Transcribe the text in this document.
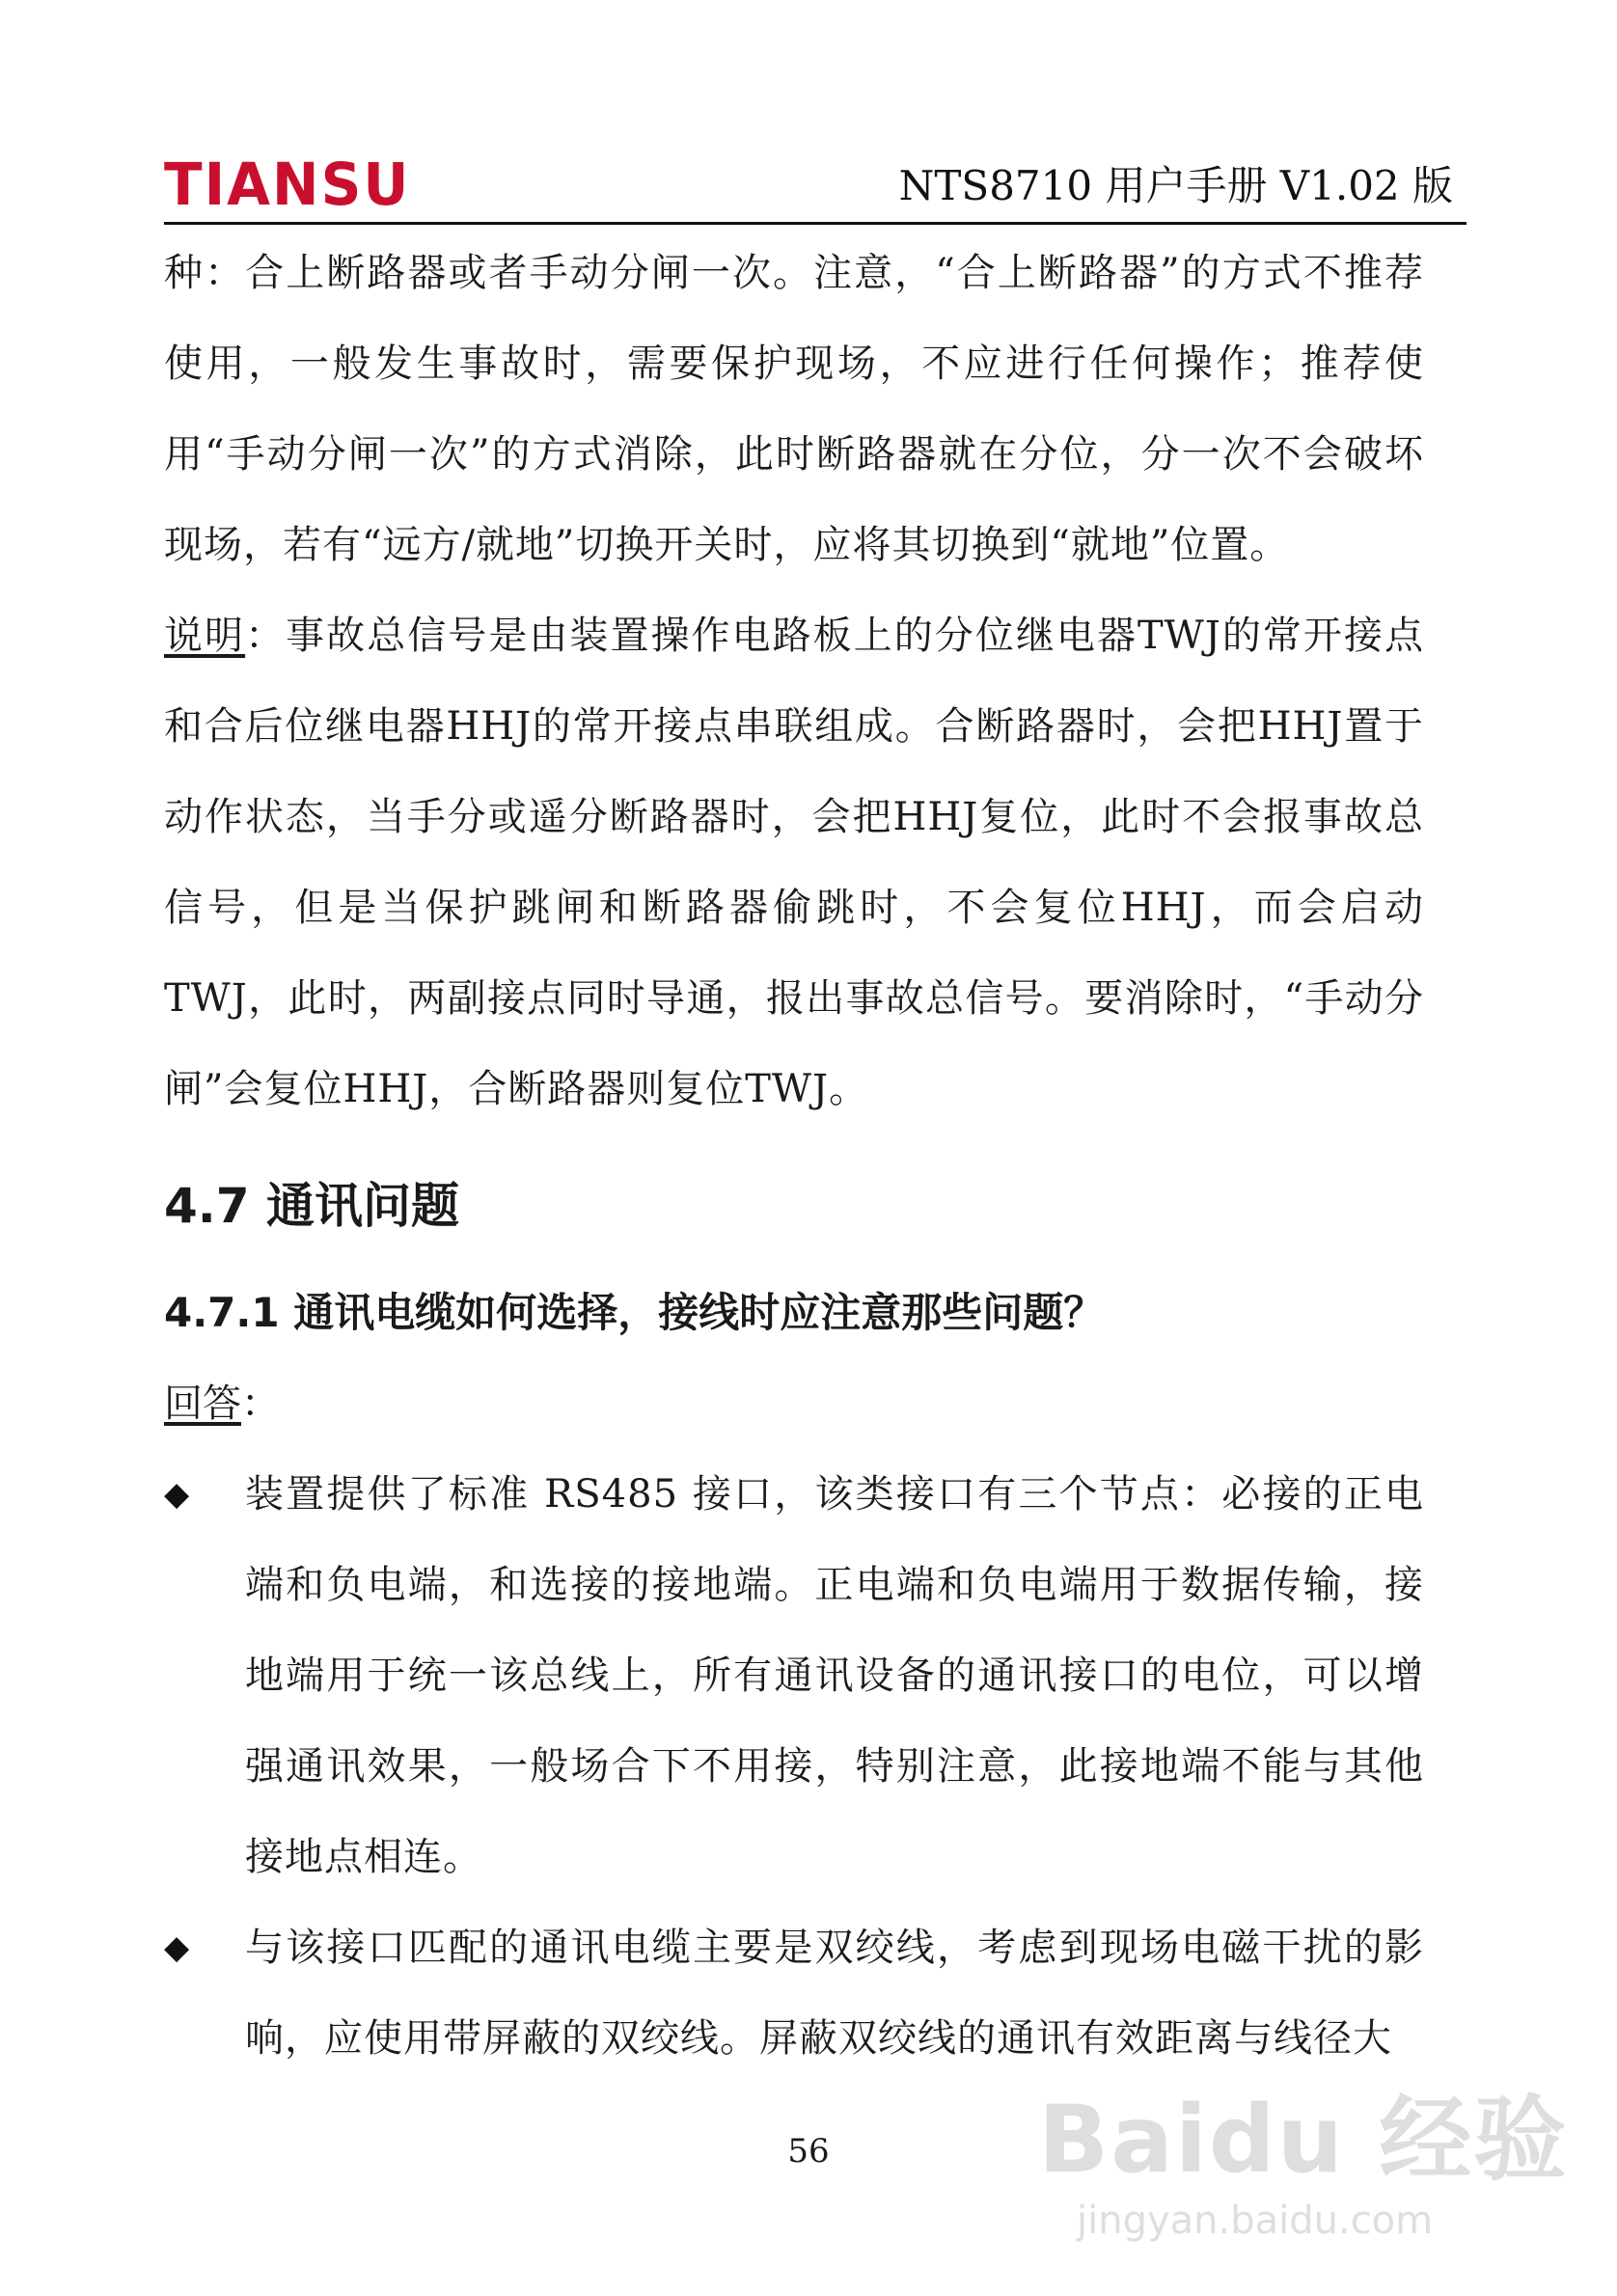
TIANSU	NTS8710 用户手册 V1.02 版

种：合上断路器或者手动分闸一次。注意，“合上断路器”的方式不推荐使用，一般发生事故时，需要保护现场，不应进行任何操作；推荐使用“手动分闸一次”的方式消除，此时断路器就在分位，分一次不会破坏现场，若有“远方/就地”切换开关时，应将其切换到“就地”位置。

说明：事故总信号是由装置操作电路板上的分位继电器TWJ的常开接点和合后位继电器HHJ的常开接点串联组成。合断路器时，会把HHJ置于动作状态，当手分或遥分断路器时，会把HHJ复位，此时不会报事故总信号，但是当保护跳闸和断路器偷跳时，不会复位HHJ，而会启动TWJ，此时，两副接点同时导通，报出事故总信号。要消除时，“手动分闸”会复位HHJ，合断路器则复位TWJ。

4.7 通讯问题
4.7.1 通讯电缆如何选择，接线时应注意那些问题？
回答：
◆	装置提供了标准 RS485 接口，该类接口有三个节点：必接的正电端和负电端，和选接的接地端。正电端和负电端用于数据传输，接地端用于统一该总线上，所有通讯设备的通讯接口的电位，可以增强通讯效果，一般场合下不用接，特别注意，此接地端不能与其他接地点相连。
◆	与该接口匹配的通讯电缆主要是双绞线，考虑到现场电磁干扰的影响，应使用带屏蔽的双绞线。屏蔽双绞线的通讯有效距离与线径大
56	Baidu 经验
jingyan.baidu.com
